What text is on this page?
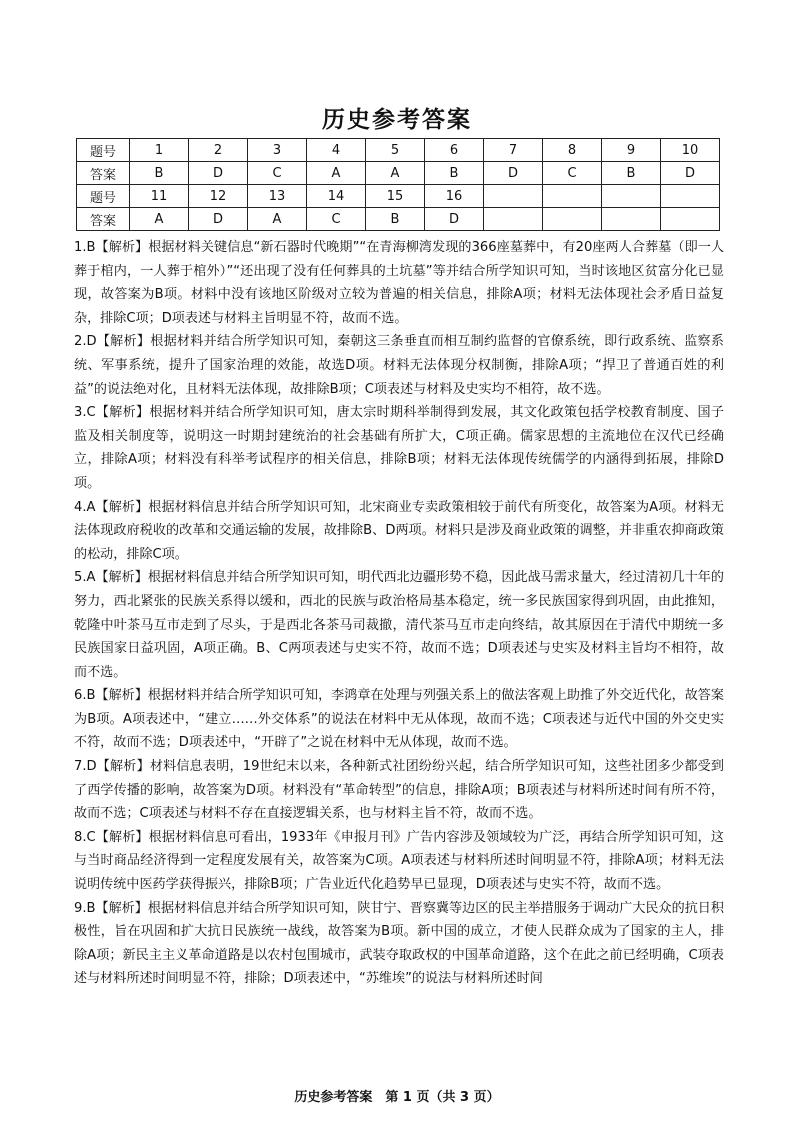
历史参考答案
题号	1	2	3	4	5	6	7	8	9	10
答案	B	D	C	A	A	B	D	C	B	D
题号	11	12	13	14	15	16				
答案	A	D	A	C	B	D				

1.B【解析】根据材料关键信息“新石器时代晚期”“在青海柳湾发现的366座墓葬中，有20座两人合葬墓（即一人葬于棺内，一人葬于棺外）”“还出现了没有任何葬具的土坑墓”等并结合所学知识可知，当时该地区贫富分化已显现，故答案为B项。材料中没有该地区阶级对立较为普遍的相关信息，排除A项；材料无法体现社会矛盾日益复杂，排除C项；D项表述与材料主旨明显不符，故而不选。

2.D【解析】根据材料并结合所学知识可知，秦朝这三条垂直而相互制约监督的官僚系统，即行政系统、监察系统、军事系统，提升了国家治理的效能，故选D项。材料无法体现分权制衡，排除A项；“捍卫了普通百姓的利益”的说法绝对化，且材料无法体现，故排除B项；C项表述与材料及史实均不相符，故不选。

3.C【解析】根据材料并结合所学知识可知，唐太宗时期科举制得到发展，其文化政策包括学校教育制度、国子监及相关制度等，说明这一时期封建统治的社会基础有所扩大，C项正确。儒家思想的主流地位在汉代已经确立，排除A项；材料没有科举考试程序的相关信息，排除B项；材料无法体现传统儒学的内涵得到拓展，排除D项。

4.A【解析】根据材料信息并结合所学知识可知，北宋商业专卖政策相较于前代有所变化，故答案为A项。材料无法体现政府税收的改革和交通运输的发展，故排除B、D两项。材料只是涉及商业政策的调整，并非重农抑商政策的松动，排除C项。

5.A【解析】根据材料信息并结合所学知识可知，明代西北边疆形势不稳，因此战马需求量大，经过清初几十年的努力，西北紧张的民族关系得以缓和，西北的民族与政治格局基本稳定，统一多民族国家得到巩固，由此推知，乾隆中叶茶马互市走到了尽头，于是西北各茶马司裁撤，清代茶马互市走向终结，故其原因在于清代中期统一多民族国家日益巩固，A项正确。B、C两项表述与史实不符，故而不选；D项表述与史实及材料主旨均不相符，故而不选。

6.B【解析】根据材料并结合所学知识可知，李鸿章在处理与列强关系上的做法客观上助推了外交近代化，故答案为B项。A项表述中，“建立……外交体系”的说法在材料中无从体现，故而不选；C项表述与近代中国的外交史实不符，故而不选；D项表述中，“开辟了”之说在材料中无从体现，故而不选。

7.D【解析】材料信息表明，19世纪末以来，各种新式社团纷纷兴起，结合所学知识可知，这些社团多少都受到了西学传播的影响，故答案为D项。材料没有“革命转型”的信息，排除A项；B项表述与材料所述时间有所不符，故而不选；C项表述与材料不存在直接逻辑关系，也与材料主旨不符，故而不选。

8.C【解析】根据材料信息可看出，1933年《申报月刊》广告内容涉及领域较为广泛，再结合所学知识可知，这与当时商品经济得到一定程度发展有关，故答案为C项。A项表述与材料所述时间明显不符，排除A项；材料无法说明传统中医药学获得振兴，排除B项；广告业近代化趋势早已显现，D项表述与史实不符，故而不选。

9.B【解析】根据材料信息并结合所学知识可知，陕甘宁、晋察冀等边区的民主举措服务于调动广大民众的抗日积极性，旨在巩固和扩大抗日民族统一战线，故答案为B项。新中国的成立，才使人民群众成为了国家的主人，排除A项；新民主主义革命道路是以农村包围城市，武装夺取政权的中国革命道路，这个在此之前已经明确，C项表述与材料所述时间明显不符，排除；D项表述中，“苏维埃”的说法与材料所述时间

历史参考答案　第 1 页（共 3 页）
